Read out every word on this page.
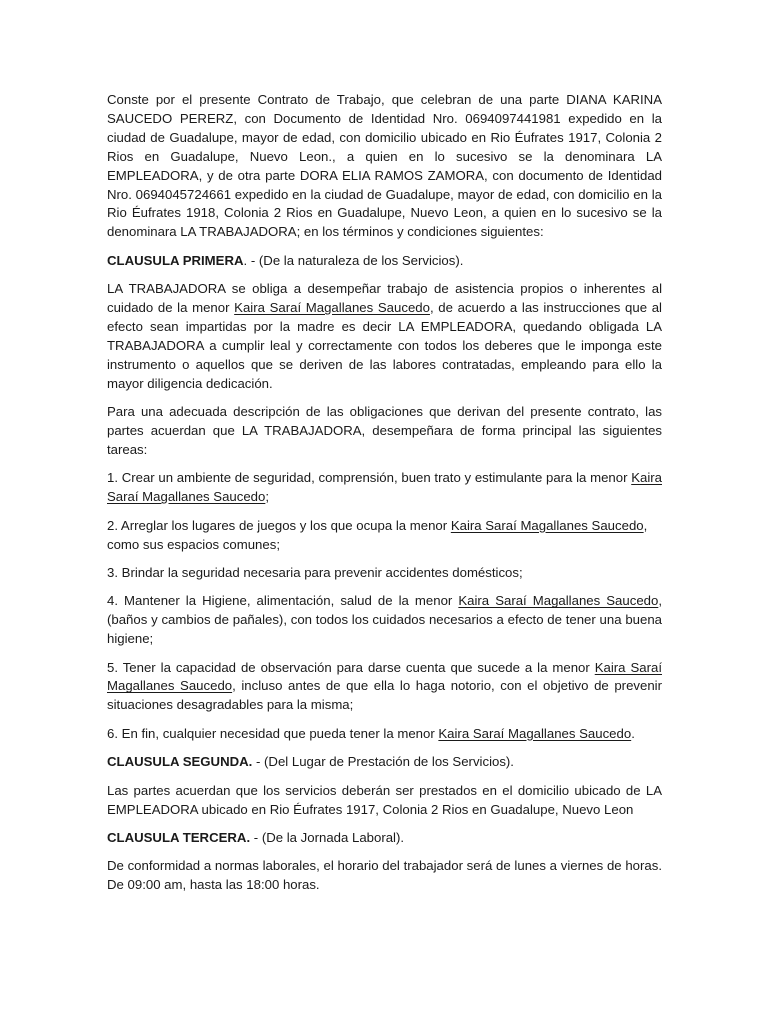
Conste por el presente Contrato de Trabajo, que celebran de una parte DIANA KARINA SAUCEDO PERERZ, con Documento de Identidad Nro. 0694097441981 expedido en la ciudad de Guadalupe, mayor de edad, con domicilio ubicado en Rio Éufrates 1917, Colonia 2 Rios en Guadalupe, Nuevo Leon., a quien en lo sucesivo se la denominara LA EMPLEADORA, y de otra parte DORA ELIA RAMOS ZAMORA, con documento de Identidad Nro. 0694045724661 expedido en la ciudad de Guadalupe, mayor de edad, con domicilio en la Rio Éufrates 1918, Colonia 2 Rios en Guadalupe, Nuevo Leon, a quien en lo sucesivo se la denominara LA TRABAJADORA; en los términos y condiciones siguientes:

CLAUSULA PRIMERA. - (De la naturaleza de los Servicios).

LA TRABAJADORA se obliga a desempeñar trabajo de asistencia propios o inherentes al cuidado de la menor Kaira Saraí Magallanes Saucedo, de acuerdo a las instrucciones que al efecto sean impartidas por la madre es decir LA EMPLEADORA, quedando obligada LA TRABAJADORA a cumplir leal y correctamente con todos los deberes que le imponga este instrumento o aquellos que se deriven de las labores contratadas, empleando para ello la mayor diligencia dedicación.

Para una adecuada descripción de las obligaciones que derivan del presente contrato, las partes acuerdan que LA TRABAJADORA, desempeñara de forma principal las siguientes tareas:

1. Crear un ambiente de seguridad, comprensión, buen trato y estimulante para la menor Kaira Saraí Magallanes Saucedo;

2. Arreglar los lugares de juegos y los que ocupa la menor Kaira Saraí Magallanes Saucedo, como sus espacios comunes;

3. Brindar la seguridad necesaria para prevenir accidentes domésticos;

4. Mantener la Higiene, alimentación, salud de la menor Kaira Saraí Magallanes Saucedo, (baños y cambios de pañales), con todos los cuidados necesarios a efecto de tener una buena higiene;

5. Tener la capacidad de observación para darse cuenta que sucede a la menor Kaira Saraí Magallanes Saucedo, incluso antes de que ella lo haga notorio, con el objetivo de prevenir situaciones desagradables para la misma;

6. En fin, cualquier necesidad que pueda tener la menor Kaira Saraí Magallanes Saucedo.

CLAUSULA SEGUNDA. - (Del Lugar de Prestación de los Servicios).

Las partes acuerdan que los servicios deberán ser prestados en el domicilio ubicado de LA EMPLEADORA ubicado en Rio Éufrates 1917, Colonia 2 Rios en Guadalupe, Nuevo Leon

CLAUSULA TERCERA. - (De la Jornada Laboral).

De conformidad a normas laborales, el horario del trabajador será de lunes a viernes de horas. De 09:00 am, hasta las 18:00 horas.
